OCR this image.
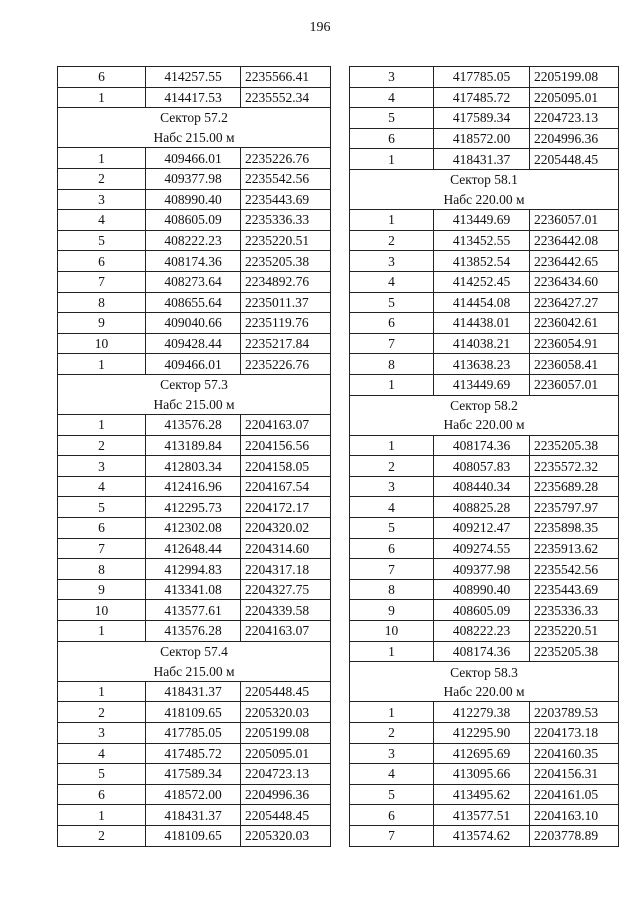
196
6	414257.55	2235566.41
1	414417.53	2235552.34
Сектор 57.2		
Набс 215.00 м		
1	409466.01	2235226.76
2	409377.98	2235542.56
3	408990.40	2235443.69
4	408605.09	2235336.33
5	408222.23	2235220.51
6	408174.36	2235205.38
7	408273.64	2234892.76
8	408655.64	2235011.37
9	409040.66	2235119.76
10	409428.44	2235217.84
1	409466.01	2235226.76
Сектор 57.3		
Набс 215.00 м		
1	413576.28	2204163.07
2	413189.84	2204156.56
3	412803.34	2204158.05
4	412416.96	2204167.54
5	412295.73	2204172.17
6	412302.08	2204320.02
7	412648.44	2204314.60
8	412994.83	2204317.18
9	413341.08	2204327.75
10	413577.61	2204339.58
1	413576.28	2204163.07
Сектор 57.4		
Набс 215.00 м		
1	418431.37	2205448.45
2	418109.65	2205320.03
3	417785.05	2205199.08
4	417485.72	2205095.01
5	417589.34	2204723.13
6	418572.00	2204996.36
1	418431.37	2205448.45
2	418109.65	2205320.03
3	417785.05	2205199.08
4	417485.72	2205095.01
5	417589.34	2204723.13
6	418572.00	2204996.36
1	418431.37	2205448.45
Сектор 58.1		
Набс 220.00 м		
1	413449.69	2236057.01
2	413452.55	2236442.08
3	413852.54	2236442.65
4	414252.45	2236434.60
5	414454.08	2236427.27
6	414438.01	2236042.61
7	414038.21	2236054.91
8	413638.23	2236058.41
1	413449.69	2236057.01
Сектор 58.2		
Набс 220.00 м		
1	408174.36	2235205.38
2	408057.83	2235572.32
3	408440.34	2235689.28
4	408825.28	2235797.97
5	409212.47	2235898.35
6	409274.55	2235913.62
7	409377.98	2235542.56
8	408990.40	2235443.69
9	408605.09	2235336.33
10	408222.23	2235220.51
1	408174.36	2235205.38
Сектор 58.3		
Набс 220.00 м		
1	412279.38	2203789.53
2	412295.90	2204173.18
3	412695.69	2204160.35
4	413095.66	2204156.31
5	413495.62	2204161.05
6	413577.51	2204163.10
7	413574.62	2203778.89
